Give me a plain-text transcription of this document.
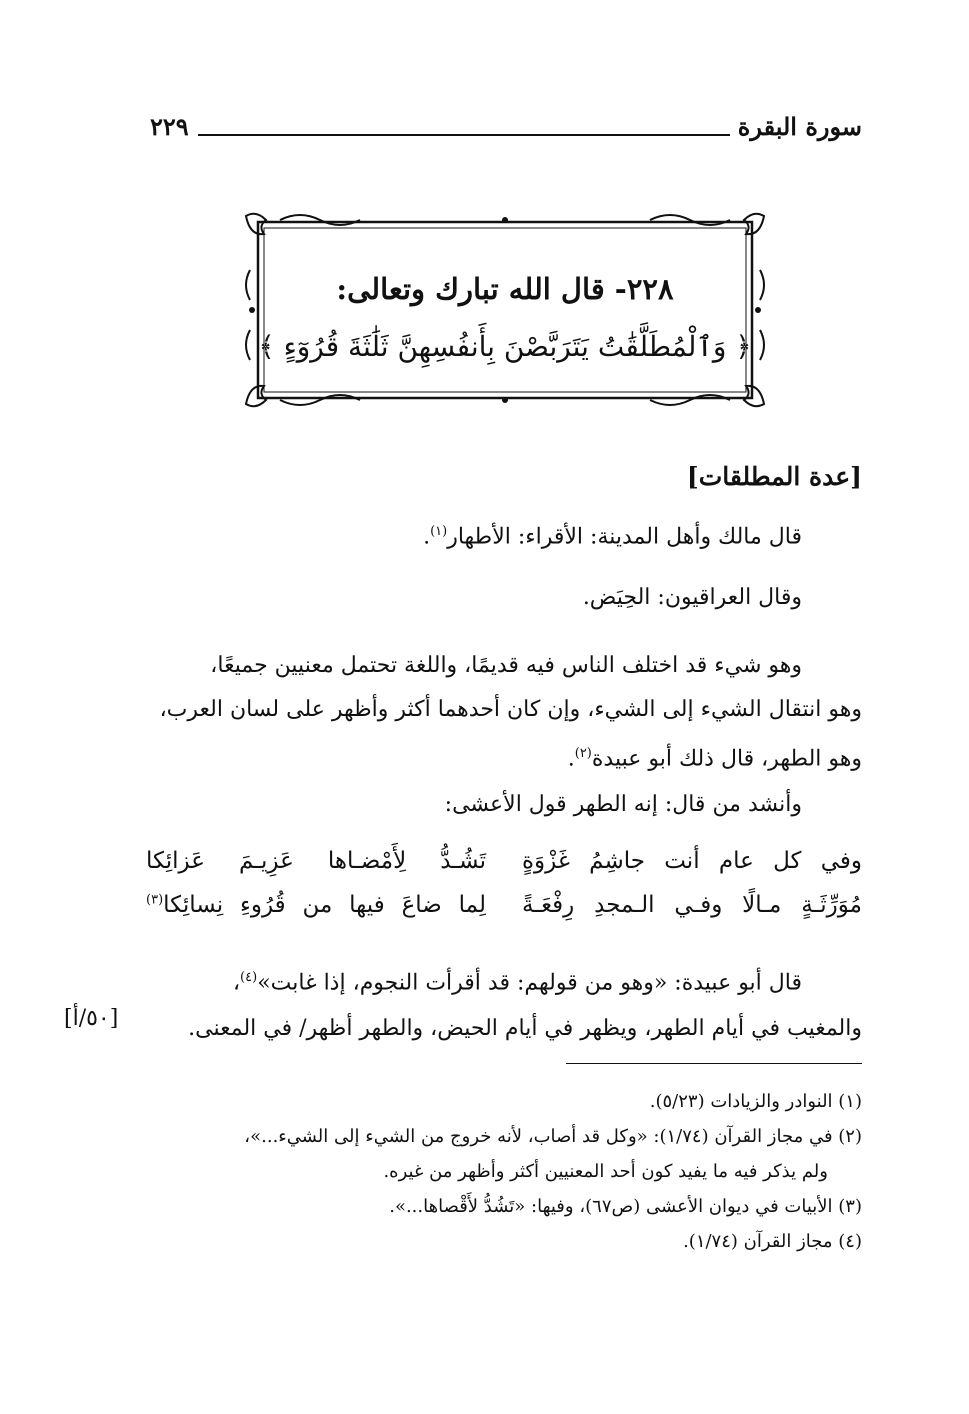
سورة البقرة
٢٢٩
٢٢٨- قال الله تبارك وتعالى:
﴿ وَٱلْمُطَلَّقَٰتُ يَتَرَبَّصْنَ بِأَنفُسِهِنَّ ثَلَٰثَةَ قُرُوٓءٍ ﴾
[عدة المطلقات]
قال مالك وأهل المدينة: الأقراء: الأطهار$^{(١)}$.
وقال العراقيون: الحِيَض.
وهو شيء قد اختلف الناس فيه قديمًا، واللغة تحتمل معنيين جميعًا،
وهو انتقال الشيء إلى الشيء، وإن كان أحدهما أكثر وأظهر على لسان العرب،
وهو الطهر، قال ذلك أبو عبيدة$^{(٢)}$.
وأنشد من قال: إنه الطهر قول الأعشى:
وفي كل عام أنت جاشِمُ غَزْوَةٍ
تَشُـدُّ لِأَمْضـاها عَزِيـمَ عَزائِكا
مُوَرِّثَـةٍ مـالًا وفـي الـمجدِ رِفْعَـةً
لِما ضاعَ فيها من قُرُوءِ نِسائِكا$^{(٣)}$
قال أبو عبيدة: «وهو من قولهم: قد أقرأت النجوم، إذا غابت»$^{(٤)}$،
والمغيب في أيام الطهر، ويظهر في أيام الحيض، والطهر أظهر/ في المعنى.
[٥٠/أ]
(١) النوادر والزيادات (٥/٢٣).
(٢) في مجاز القرآن (١/٧٤): «وكل قد أصاب، لأنه خروج من الشيء إلى الشيء...»،
ولم يذكر فيه ما يفيد كون أحد المعنيين أكثر وأظهر من غيره.
(٣) الأبيات في ديوان الأعشى (ص٦٧)، وفيها: «تَشُدُّ لأَقْصاها...».
(٤) مجاز القرآن (١/٧٤).
